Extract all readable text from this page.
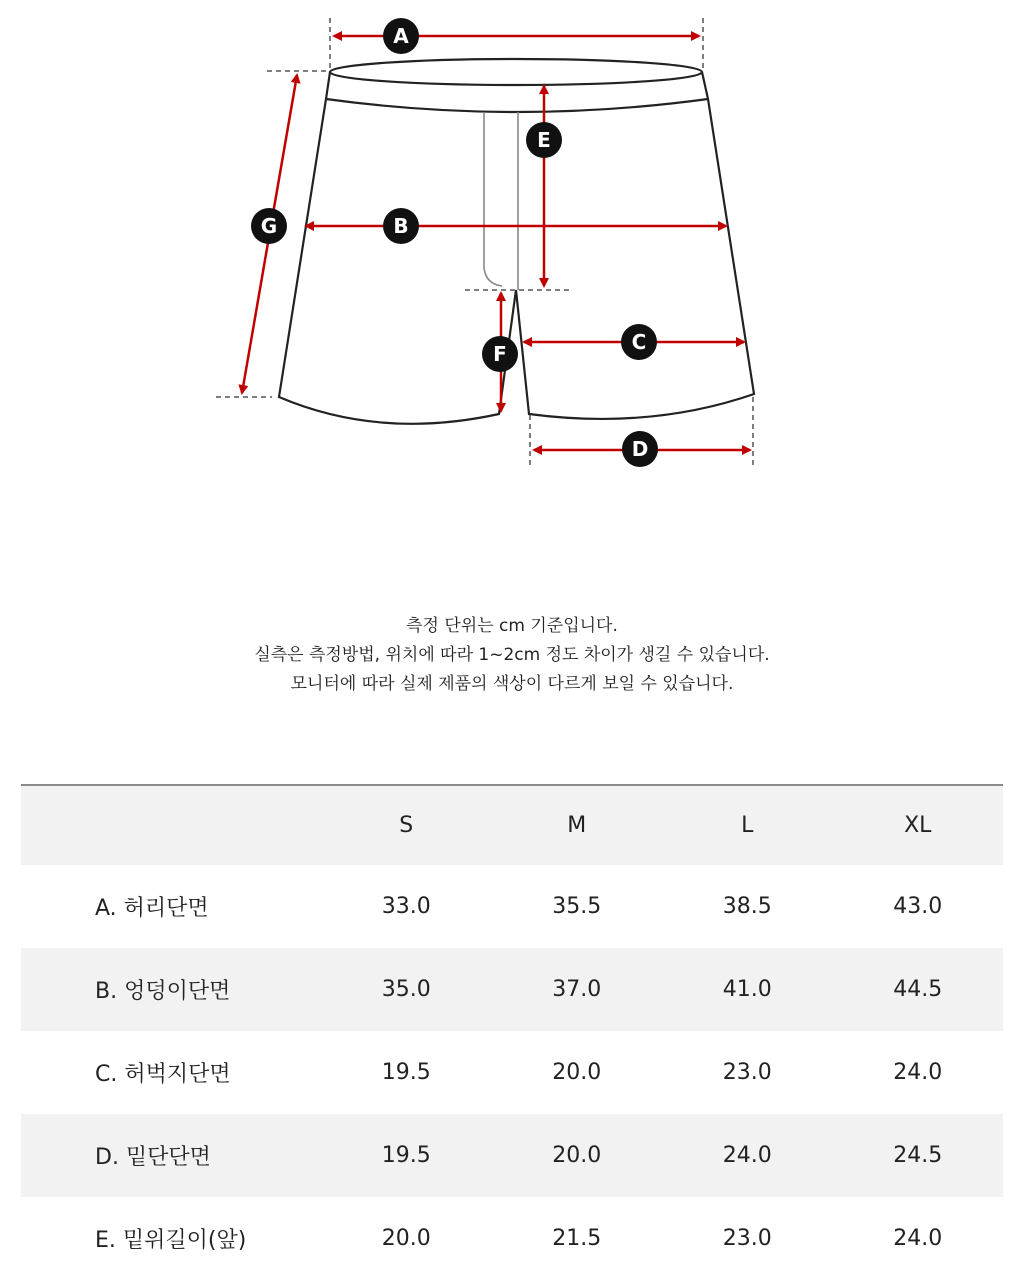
A
B
C
D
E
F
G
측정 단위는 cm 기준입니다.
실측은 측정방법, 위치에 따라 1~2cm 정도 차이가 생길 수 있습니다.
모니터에 따라 실제 제품의 색상이 다르게 보일 수 있습니다.
	S	M	L	XL
A. 허리단면	33.0	35.5	38.5	43.0
B. 엉덩이단면	35.0	37.0	41.0	44.5
C. 허벅지단면	19.5	20.0	23.0	24.0
D. 밑단단면	19.5	20.0	24.0	24.5
E. 밑위길이(앞)	20.0	21.5	23.0	24.0
